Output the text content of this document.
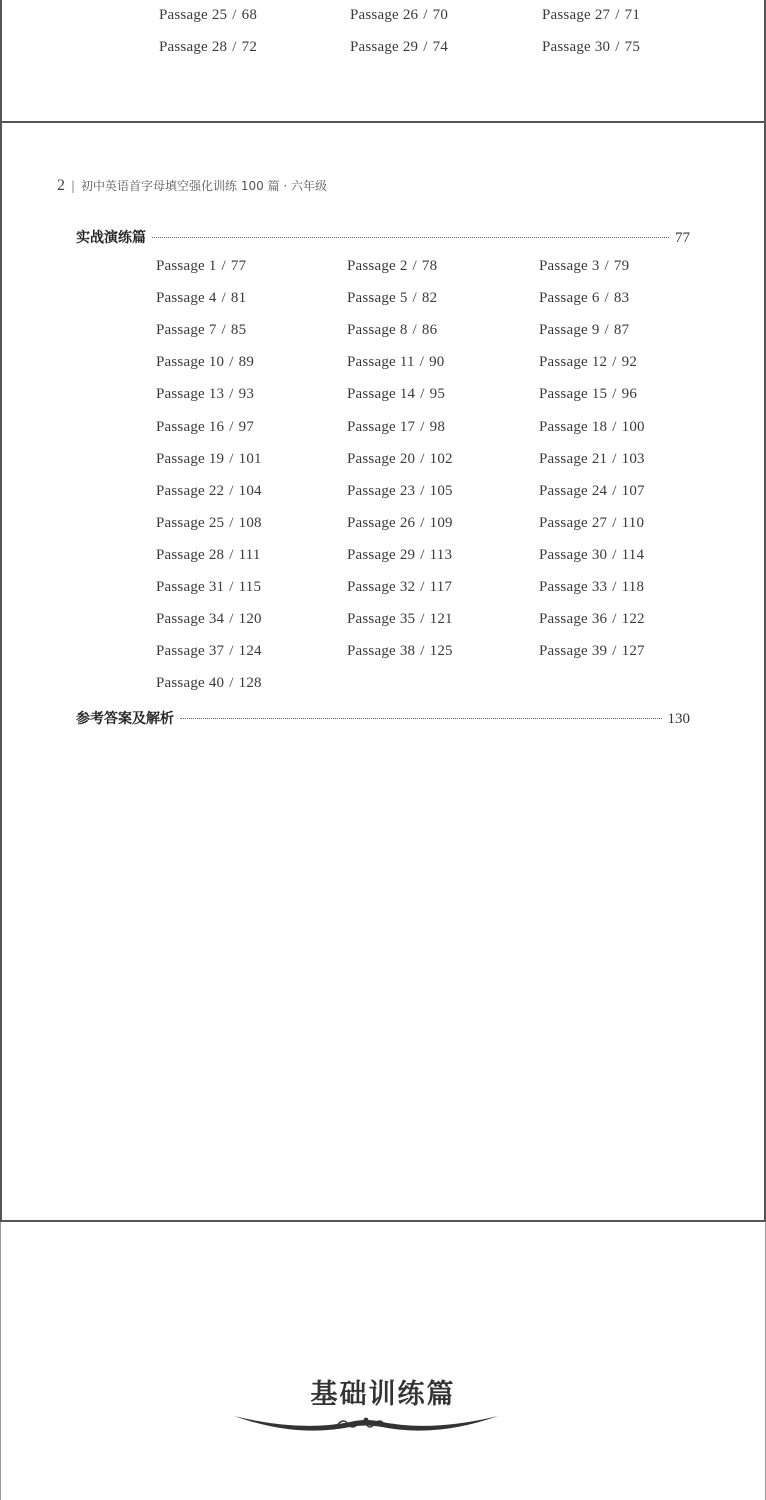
Passage 25 / 68	Passage 26 / 70	Passage 27 / 71
Passage 28 / 72	Passage 29 / 74	Passage 30 / 75
2 | 初中英语首字母填空强化训练 100 篇 · 六年级
实战演练篇	77
Passage 1 / 77	Passage 2 / 78	Passage 3 / 79
Passage 4 / 81	Passage 5 / 82	Passage 6 / 83
Passage 7 / 85	Passage 8 / 86	Passage 9 / 87
Passage 10 / 89	Passage 11 / 90	Passage 12 / 92
Passage 13 / 93	Passage 14 / 95	Passage 15 / 96
Passage 16 / 97	Passage 17 / 98	Passage 18 / 100
Passage 19 / 101	Passage 20 / 102	Passage 21 / 103
Passage 22 / 104	Passage 23 / 105	Passage 24 / 107
Passage 25 / 108	Passage 26 / 109	Passage 27 / 110
Passage 28 / 111	Passage 29 / 113	Passage 30 / 114
Passage 31 / 115	Passage 32 / 117	Passage 33 / 118
Passage 34 / 120	Passage 35 / 121	Passage 36 / 122
Passage 37 / 124	Passage 38 / 125	Passage 39 / 127
Passage 40 / 128
参考答案及解析	130
基础训练篇
